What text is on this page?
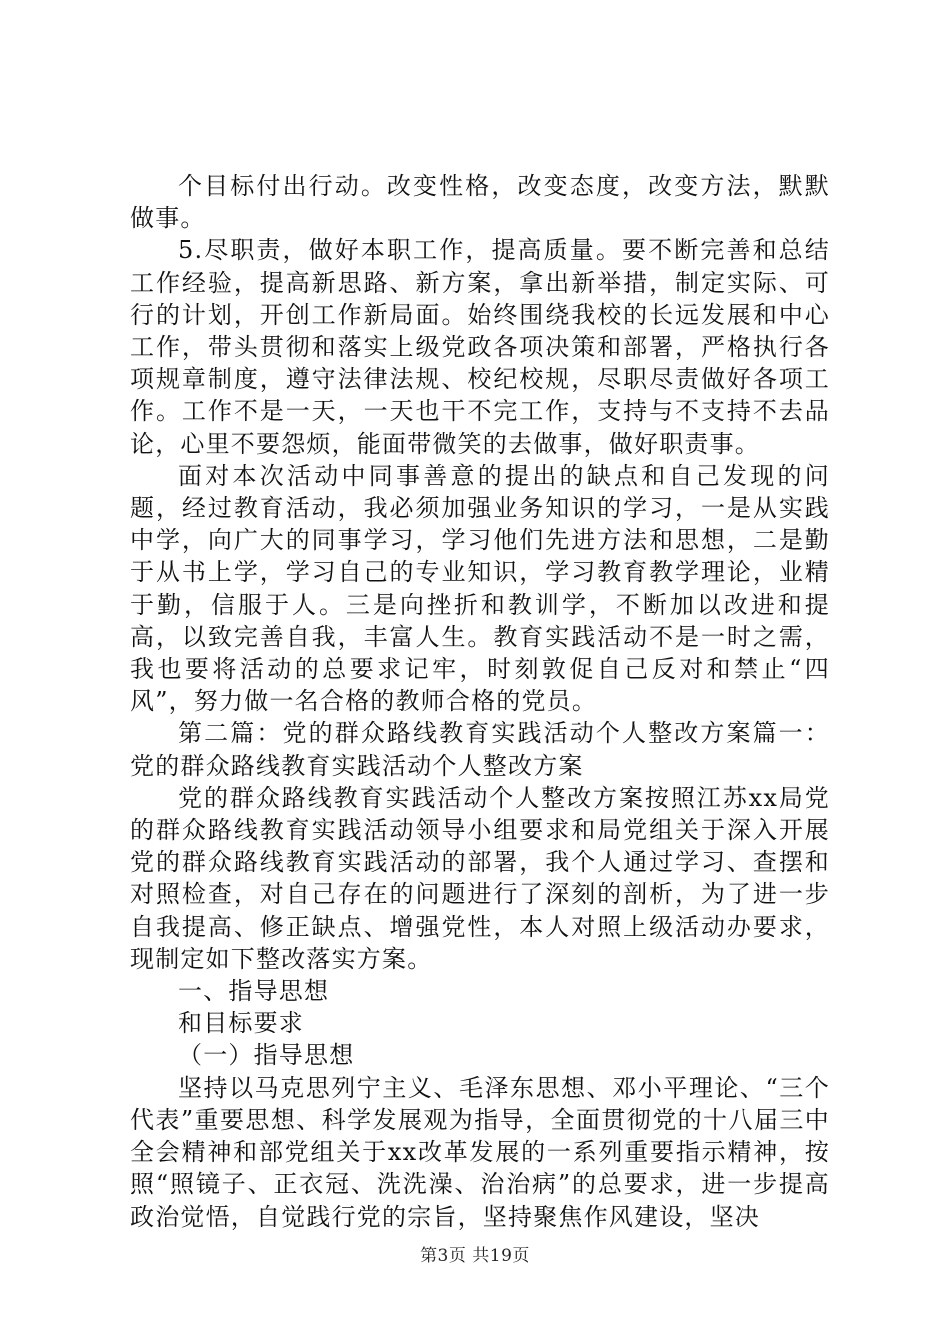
个目标付出行动。改变性格，改变态度，改变方法，默默做事。

5.尽职责，做好本职工作，提高质量。要不断完善和总结工作经验，提高新思路、新方案，拿出新举措，制定实际、可行的计划，开创工作新局面。始终围绕我校的长远发展和中心工作，带头贯彻和落实上级党政各项决策和部署，严格执行各项规章制度，遵守法律法规、校纪校规，尽职尽责做好各项工作。工作不是一天，一天也干不完工作，支持与不支持不去品论，心里不要怨烦，能面带微笑的去做事，做好职责事。

面对本次活动中同事善意的提出的缺点和自己发现的问题，经过教育活动，我必须加强业务知识的学习，一是从实践中学，向广大的同事学习，学习他们先进方法和思想，二是勤于从书上学，学习自己的专业知识，学习教育教学理论，业精于勤，信服于人。三是向挫折和教训学，不断加以改进和提高，以致完善自我，丰富人生。教育实践活动不是一时之需，我也要将活动的总要求记牢，时刻敦促自己反对和禁止“四风”，努力做一名合格的教师合格的党员。

第二篇：党的群众路线教育实践活动个人整改方案篇一：党的群众路线教育实践活动个人整改方案

党的群众路线教育实践活动个人整改方案按照江苏xx局党的群众路线教育实践活动领导小组要求和局党组关于深入开展党的群众路线教育实践活动的部署，我个人通过学习、查摆和对照检查，对自己存在的问题进行了深刻的剖析，为了进一步自我提高、修正缺点、增强党性，本人对照上级活动办要求，现制定如下整改落实方案。

一、指导思想

和目标要求

（一）指导思想

坚持以马克思列宁主义、毛泽东思想、邓小平理论、“三个代表”重要思想、科学发展观为指导，全面贯彻党的十八届三中全会精神和部党组关于xx改革发展的一系列重要指示精神，按照“照镜子、正衣冠、洗洗澡、治治病”的总要求，进一步提高政治觉悟，自觉践行党的宗旨，坚持聚焦作风建设，坚决

第3页 共19页
